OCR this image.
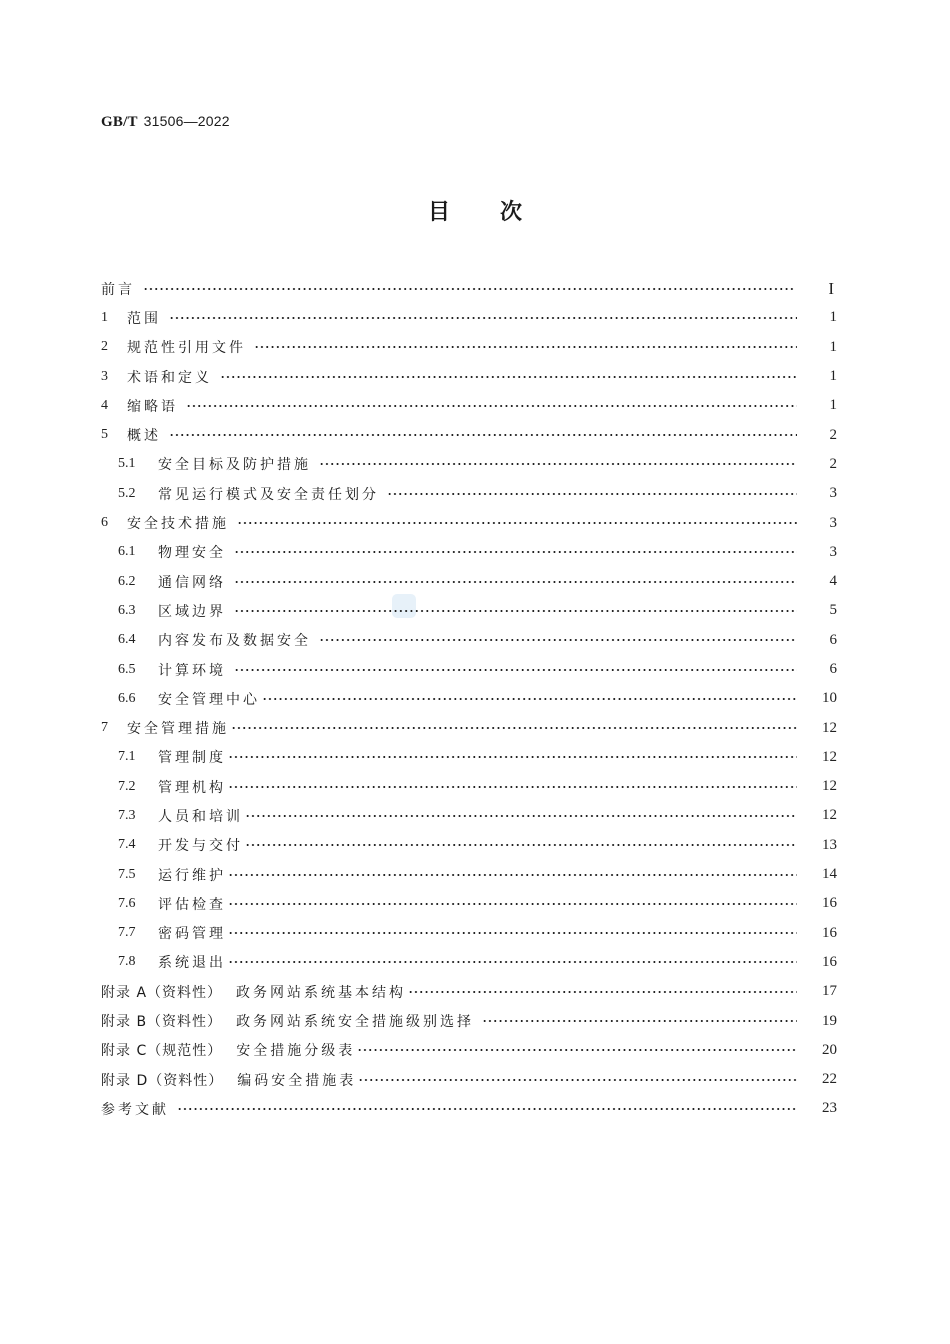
GB/T 31506—2022
目 次
前言	I
1	范围	1
2	规范性引用文件	1
3	术语和定义	1
4	缩略语	1
5	概述	2
5.1	安全目标及防护措施	2
5.2	常见运行模式及安全责任划分	3
6	安全技术措施	3
6.1	物理安全	3
6.2	通信网络	4
6.3	区域边界	5
6.4	内容发布及数据安全	6
6.5	计算环境	6
6.6	安全管理中心	10
7	安全管理措施	12
7.1	管理制度	12
7.2	管理机构	12
7.3	人员和培训	12
7.4	开发与交付	13
7.5	运行维护	14
7.6	评估检查	16
7.7	密码管理	16
7.8	系统退出	16
附录 A（资料性） 政务网站系统基本结构	17
附录 B（资料性） 政务网站系统安全措施级别选择	19
附录 C（规范性） 安全措施分级表	20
附录 D（资料性） 编码安全措施表	22
参考文献	23
